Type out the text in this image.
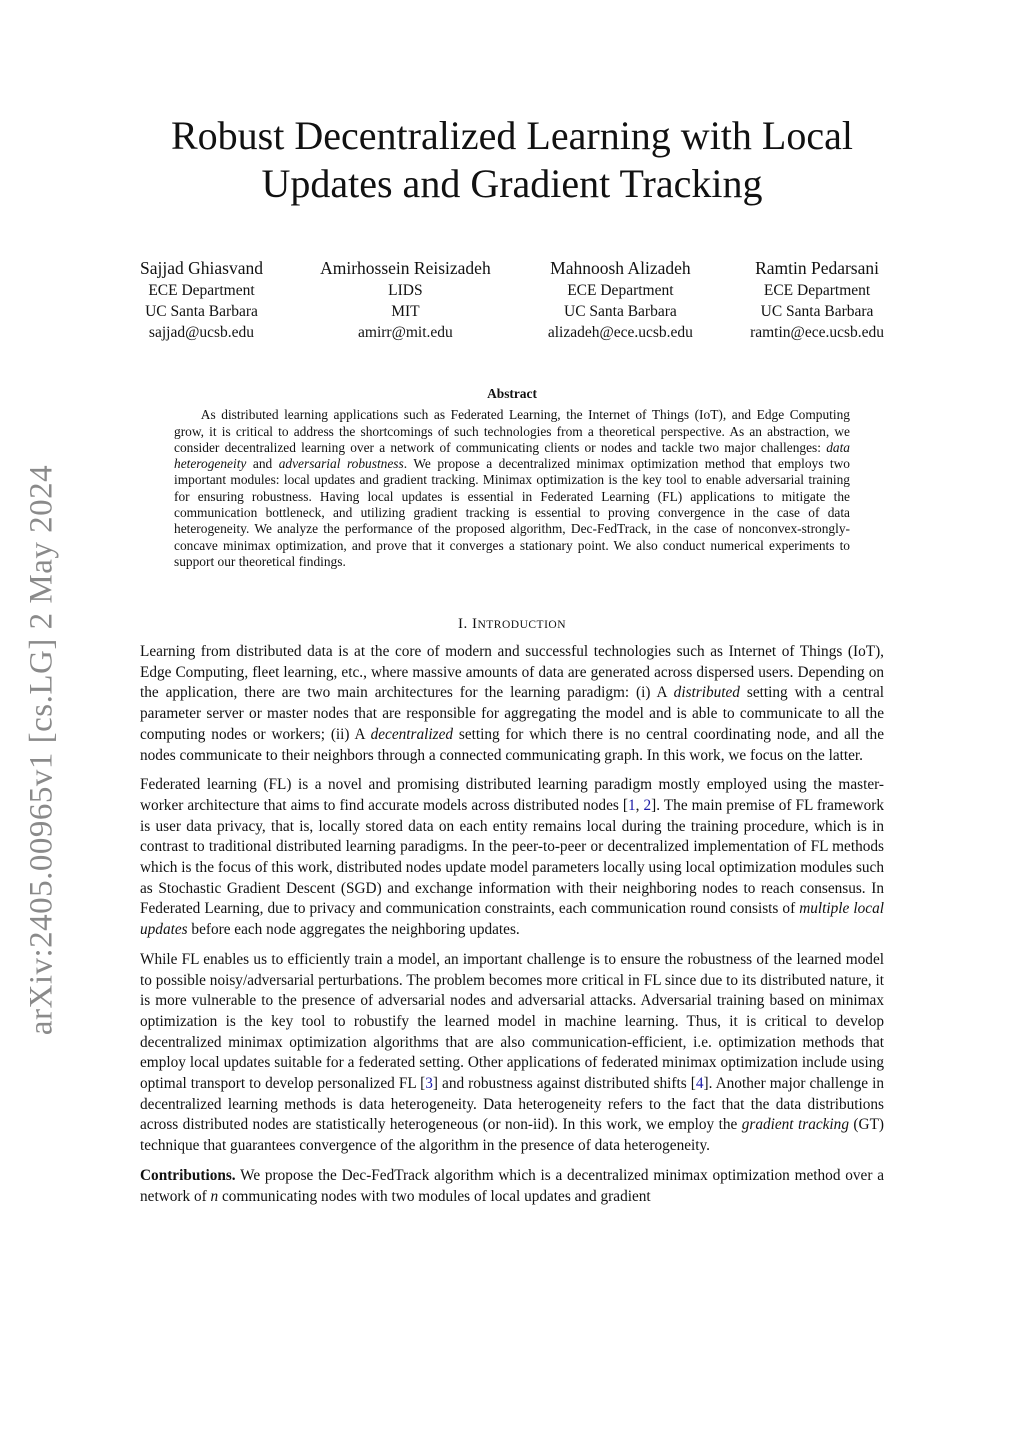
arXiv:2405.00965v1 [cs.LG] 2 May 2024
Robust Decentralized Learning with Local Updates and Gradient Tracking
Sajjad Ghiasvand
ECE Department
UC Santa Barbara
sajjad@ucsb.edu
Amirhossein Reisizadeh
LIDS
MIT
amirr@mit.edu
Mahnoosh Alizadeh
ECE Department
UC Santa Barbara
alizadeh@ece.ucsb.edu
Ramtin Pedarsani
ECE Department
UC Santa Barbara
ramtin@ece.ucsb.edu
Abstract

As distributed learning applications such as Federated Learning, the Internet of Things (IoT), and Edge Computing grow, it is critical to address the shortcomings of such technologies from a theoretical perspective. As an abstraction, we consider decentralized learning over a network of communicating clients or nodes and tackle two major challenges: data heterogeneity and adversarial robustness. We propose a decentralized minimax optimization method that employs two important modules: local updates and gradient tracking. Minimax optimization is the key tool to enable adversarial training for ensuring robustness. Having local updates is essential in Federated Learning (FL) applications to mitigate the communication bottleneck, and utilizing gradient tracking is essential to proving convergence in the case of data heterogeneity. We analyze the performance of the proposed algorithm, Dec-FedTrack, in the case of nonconvex-strongly-concave minimax optimization, and prove that it converges a stationary point. We also conduct numerical experiments to support our theoretical findings.

I. INTRODUCTION

Learning from distributed data is at the core of modern and successful technologies such as Internet of Things (IoT), Edge Computing, fleet learning, etc., where massive amounts of data are generated across dispersed users. Depending on the application, there are two main architectures for the learning paradigm: (i) A distributed setting with a central parameter server or master nodes that are responsible for aggregating the model and is able to communicate to all the computing nodes or workers; (ii) A decentralized setting for which there is no central coordinating node, and all the nodes communicate to their neighbors through a connected communicating graph. In this work, we focus on the latter.

Federated learning (FL) is a novel and promising distributed learning paradigm mostly employed using the master-worker architecture that aims to find accurate models across distributed nodes [1, 2]. The main premise of FL framework is user data privacy, that is, locally stored data on each entity remains local during the training procedure, which is in contrast to traditional distributed learning paradigms. In the peer-to-peer or decentralized implementation of FL methods which is the focus of this work, distributed nodes update model parameters locally using local optimization modules such as Stochastic Gradient Descent (SGD) and exchange information with their neighboring nodes to reach consensus. In Federated Learning, due to privacy and communication constraints, each communication round consists of multiple local updates before each node aggregates the neighboring updates.

While FL enables us to efficiently train a model, an important challenge is to ensure the robustness of the learned model to possible noisy/adversarial perturbations. The problem becomes more critical in FL since due to its distributed nature, it is more vulnerable to the presence of adversarial nodes and adversarial attacks. Adversarial training based on minimax optimization is the key tool to robustify the learned model in machine learning. Thus, it is critical to develop decentralized minimax optimization algorithms that are also communication-efficient, i.e. optimization methods that employ local updates suitable for a federated setting. Other applications of federated minimax optimization include using optimal transport to develop personalized FL [3] and robustness against distributed shifts [4]. Another major challenge in decentralized learning methods is data heterogeneity. Data heterogeneity refers to the fact that the data distributions across distributed nodes are statistically heterogeneous (or non-iid). In this work, we employ the gradient tracking (GT) technique that guarantees convergence of the algorithm in the presence of data heterogeneity.

Contributions. We propose the Dec-FedTrack algorithm which is a decentralized minimax optimization method over a network of n communicating nodes with two modules of local updates and gradient
